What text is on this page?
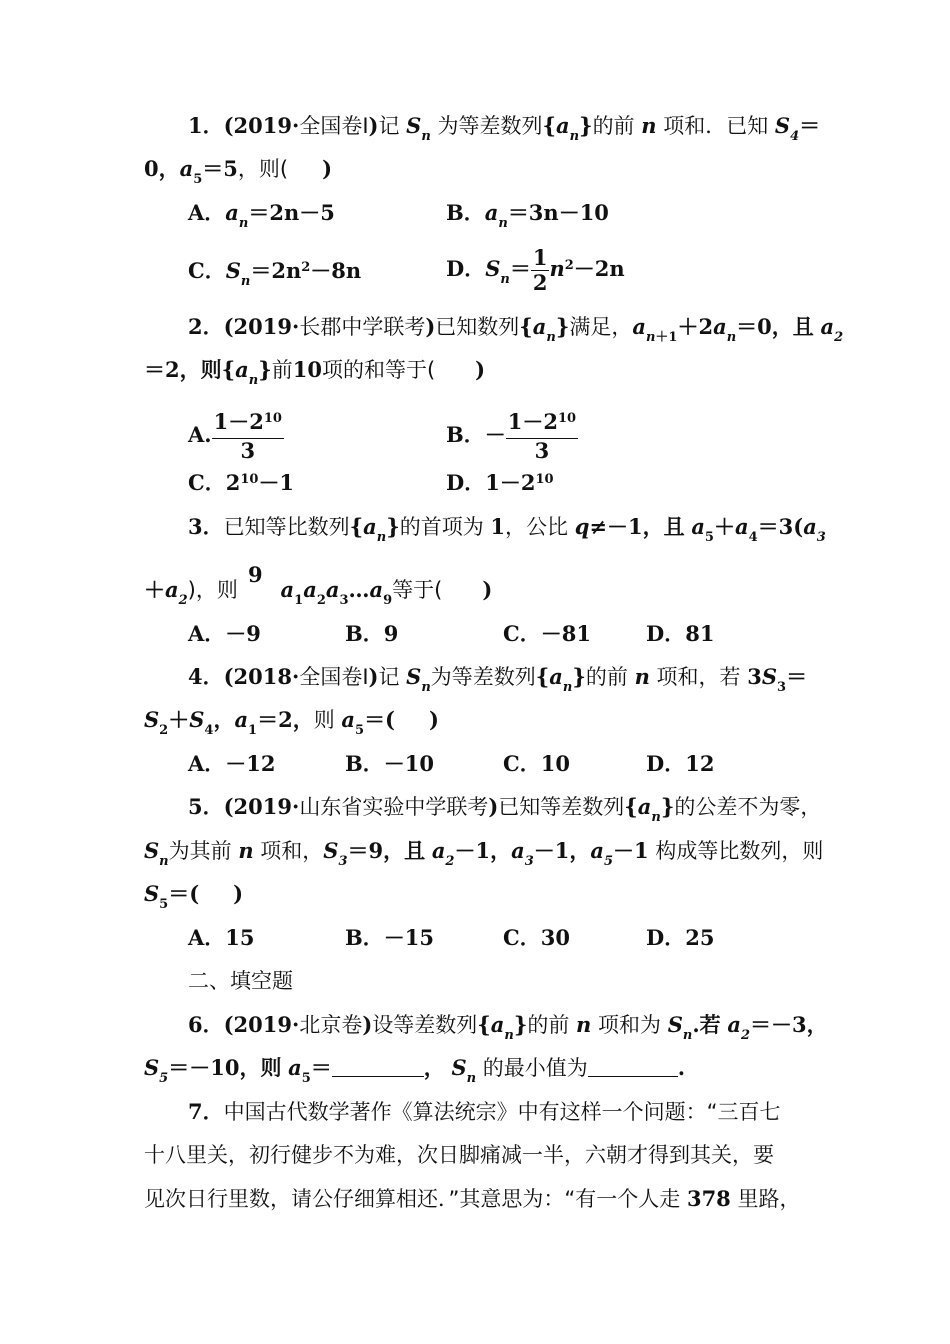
1．(2019·全国卷Ⅰ)记 $S_n$ 为等差数列$\{a_n\}$的前 n 项和．已知 $S_4=$
0，$a_5=5$，则( )
A．$a_n=2n-5$	B．$a_n=3n-10$
C．$S_n=2n^2-8n$	D．$S_n= \frac{1}{2} n^2-2n$
2．(2019·长郡中学联考)已知数列$\{a_n\}$满足，$a_{n+1}+2a_n=0$，且 $a_2$
＝2，则$\{a_n\}$前10项的和等于( )
A. $\frac{1-2^{10}}{3}$	B．－ $\frac{1-2^{10}}{3}$
C．$2^{10}-1$	D．$1-2^{10}$
3．已知等比数列$\{a_n\}$的首项为 1，公比 q≠－1，且 $a_5+a_4=3(a_3$
9
$+a_2$)，则 $a_1a_2a_3\dots a_9$等于( )
A．－9	B．9	C．－81	D．81
4．(2018·全国卷Ⅰ)记 $S_n$为等差数列$\{a_n\}$的前 n 项和，若 $3S_3=$
$S_2+S_4$，$a_1=2$，则 $a_5=$( )
A．－12	B．－10	C．10	D．12
5．(2019·山东省实验中学联考)已知等差数列$\{a_n\}$的公差不为零，
$S_n$为其前 n 项和，$S_3=9$，且 $a_2-1$，$a_3-1$，$a_5-1$ 构成等比数列，则
$S_5=$( )
A．15	B．－15	C．30	D．25
二、填空题
6．(2019·北京卷)设等差数列$\{a_n\}$的前 n 项和为 $S_n$.若 $a_2=-3$，
$S_5=-10$，则 $a_5=$	， $S_n$ 的最小值为	.
7．中国古代数学著作《算法统宗》中有这样一个问题：“三百七
十八里关，初行健步不为难，次日脚痛减一半，六朝才得到其关，要
见次日行里数，请公仔细算相还．”其意思为：“有一个人走 378 里路，
